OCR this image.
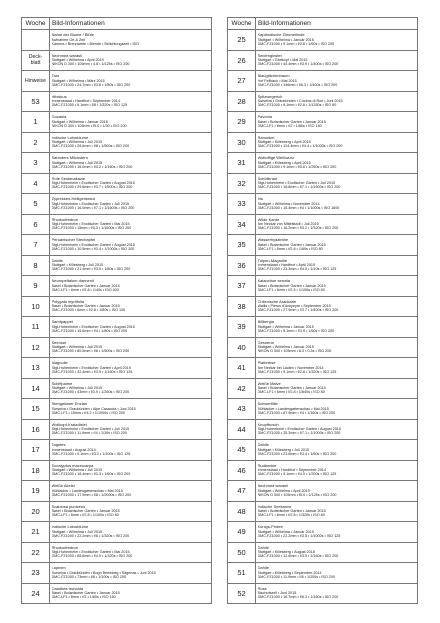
Woche	Bild-Informationen

	Name der Blume / Blüte
Aufnahme Ort & Zeit
Kamera • Brennweite • Blende • Belichtungszeit • ISO

Deck-
blatt	Aechmea warasii
Stuttgart • Wilhelma • April 2019
NIKON D 300 • 105mm • 4.8 • 1/125s • ISO 200

Hinweise	Taro
Stuttgart • Wilhelma • März 2015
DMC-FZ1000 • 24.7mm • f/3.6 • 1/80s • ISO 200

53	Hibiskus
Immenstaad • Hardthof • September 2014
DMC-FZ1000 • 9.1mm • f/8 • 1/320s • ISO 125

1	Guzania
Stuttgart • Wilhelma • Januar 2015
NIKON D 300 • 105mm • f5.0 • 1/30 • ISO 200

2	Indische Lotosblume
Stuttgart • Wilhelma • Juli 2015
DMC-FZ1000 • 28.6mm • f/8 • 1/500s • ISO 200

3	Saunders Milchstern
Stuttgart • Wilhelma • Juli 2015
DMC-FZ1000 • 16.0mm • f/3.2 • 1/160s • ISO 200

4	Rote Seidenakazie
Stgt-Hohenheim • Exotischer Garten • August 2015
DMC-FZ1000 • 29.6mm • f/3.7 • 1/500s • ISO 200

5	Zypressen-Heiligenkraut
Stgt-Hohenheim • Exotischer Garten • Juli 2015
DMC-FZ1000 • 16.0mm • f/7.1 • 1/1600s • ISO 200

6	Rhododendron
Stgt-Hohenheim • Exotischer Garten • Mai 2015
DMC-FZ1000 • 15mm • f/3.3 • 1/1600s • ISO 200

7	Peruanischer Stechapfel
Stgt-Hohenheim • Exotischer Garten • August 2015
DMC-FZ1000 • 10.5mm • f/3.4 • 1/1000s • ISO 200

8	Dahlie
Stuttgart • Killesberg • Juli 2015
DMC-FZ1000 • 21.4mm • f/3.5 • 1/80s • ISO 200

9	Neuropeltalum dannenii
Basel • Botanischer Garten • Januar 2015
DMC-LF1 • 6mm • f/2.8 • 1/40s • ISO 400

10	Polygala myrtifolia
Basel • Botanischer Garten • Januar 2015
DMC-FZ1000 • 6mm • f/2.8 • 1/80s • ISO 100

11	Samtpappel
Stgt-Hohenheim • Exotischer Garten • August 2015
DMC-FZ1000 • 15.6mm • f/4 • 1/80s • ISO 200

12	Seerose
Stuttgart • Wilhelma • Juli 2015
DMC-FZ1000 • 80.5mm • f/8 • 1/500s • ISO 200

13	Magnolie
Stgt-Hohenheim • Exotischer Garten • April 2015
DMC-FZ1000 • 32.4mm • f/3.9 • 1/160s • ISO 125

14	Schiffpalme
Stuttgart • Wilhelma • Juli 2015
DMC-FZ1000 • 43mm • f/3.9 • 1/250s • ISO 200

15	Stengelloser Enzian
Surselva • Graubünden • Alpe Casaccia • Juni 2015
DMC-LF1 • 15mm • f/4.2 • 1/1000s • ISO 200

16	Wollkopf-Kratzdistel
Stgt-Hohenheim • Exotischer Garten • Juli 2015
DMC-FZ1000 • 11.9mm • f/4 • 1/30s • ISO 200

17	Tagetes
Immenstaad • August 2014
DMC-FZ1000 • 9.1mm • f/3.2 • 1/100s • ISO 125

18	Eucalyptus macrocarpa
Stuttgart • Wilhelma • Juli 2015
DMC-FZ1000 • 18.4mm • f/3.3 • 1/60s • ISO 200

19	Weiße Akelei
Mühlacker • Landesgartenschau • Mai 2015
DMC-FZ1000 • 17.9mm • f/8 • 1/2000s • ISO 200

20	Scabiosa puniceus
Basel • Botanischer Garten • Januar 2015
DMC-LF1 • 6mm • f/2.8 • 1/100s • ISO 80

21	Indische Lotosblume
Stuttgart • Wilhelma • Juli 2015
DMC-FZ1000 • 22.2mm • f/8 • 1/320s • ISO 200

22	Rhododendron
Stgt-Hohenheim • Exotischer Garten • Mai 2015
DMC-FZ1000 • 85.6mm • f/4.0 • 1/320s • ISO 200

23	Lupinen
Surselva • Graubünden • Bogn Benedetg • Sägenas • Juni 2015
DMC-FZ1000 • 73mm • f/8 • 1/100s • ISO 200

24	Calathea truncata
Basel • Botanischer Garten • Januar 2015
DMC-LF1 • 6mm • f/2 • 1/60s • ISO 160
Woche	Bild-Informationen
25	Kapländische Zimmerlinde
Stuttgart • Wilhelma • Januar 2015
DMC-FZ1000 • 9.1mm • f/2.8 • 1/60s • ISO 200

26	Seidenginster
Stuttgart • Gärtkopf • Mai 2015
DMC-FZ1000 • 44.4mm • f/3.9 • 1/400s • ISO 200

27	Blaugittchenbaum
Hof Fellbach • Mai 2015
DMC-FZ1000 • 146mm • f/6.3 • 1/400s • ISO 200

28	Spitzwegerich
Surselva • Graubünden • Cuolms di Run • Juni 2015
DMC-FZ1000 • 9.1mm • f/2.8 • 1/1250s • ISO 80

29	Pavonia
Basel • Botanischer Garten • Januar 2015
DMC-LF1 • 6mm • f/2 • 1/80s • ISO 160

30	Ranunkel
Stuttgart • Killesberg • April 2015
DMC-FZ1000 • 124.4mm • f/4.4 • 1/1000s • ISO 200

31	Weltoffige Weißwurz
Stuttgart • Killesberg • April 2015
DMC-FZ1000 • 9.1mm • f/5.6 • 1/250s • ISO 200

32	Schöllkraut
Stgt-Hohenheim • Exotischer Garten • Juli 2015
DMC-FZ1000 • 16.8mm • f/7.1 • 1/1600s • ISO 200

33	Iris
Stuttgart • Wilhelma • November 2014
DMC-FZ1000 • 15.4mm • f/4 • 1/1000s • ISO 1600

34	Wilde Karde
Am Neckar von Mittelstadt • Juli 2015
DMC-FZ1000 • 16.2mm • f/3.2 • 1/320s • ISO 200

35	Wasserhyazinthe
Basel • Botanischer Garten • Januar 2015
DMC-LF1 • 6mm • f/2.8 • 1/60s • ISO 80

36	Tulpen-Magnolie
Immenstaad • Hardthof • April 2015
DMC-FZ1000 • 23.3mm • f/4.0 • 1/10s • ISO 125

37	Kalanchoe serrata
Basel • Botanischer Garten • Januar 2015
DMC-LF1 • 6mm • f/2.5 • 1/100s • ISO 80

38	Chilenische Araukarie
Wallis • Plerus d'Aveyeyre • September 2015
DMC-FZ1000 • 27.9mm • f/3.7 • 1/400s • ISO 200

39	Billbergia
Stuttgart • Wilhelma • Januar 2015
DMC-FZ1000 • 9.1mm • f/3.9 • 1/60s • ISO 200

40	Gesneria
Stuttgart • Wilhelma • Januar 2015
NIKON D 300 • 105mm • 8.0 • 0.3s • ISO 200

41	Platterbse
Am Neckar bei Laufen • November 2014
DMC-FZ1000 • 9.1mm • f/2.8 • 1/320s • ISO 125

42	Weiße Malve
Basel • Botanischer Garten • Januar 2015
DMC-LF1 • 6mm • f/2.8 • 1/640s • ISO 80

43	Schwertlilie
Mühlacker • Landesgartenschau • Mai 2015
DMC-FZ1000 • 87.9mm • f/4 • 1/160s • ISO 200

44	Knopfbusch
Stgt-Hohenheim • Exotischer Garten • August 2015
DMC-FZ1000 • 25.3mm • f/7.1 • 1/1000s • ISO 200

45	Dahlie
Stuttgart • Killesberg • Juli 2015
DMC-FZ1000 • 23.6mm • f/3.4 • 1/60s • ISO 200

46	Rudbeckie
Immenstaad • Hardthof • September 2014
DMC-FZ1000 • 9.1mm • f/4.5 • 1/200s • ISO 125

47	Aechmea warasii
Stuttgart • Wilhelma • April 2019
NIKON D 300 • 105mm • f5.0 • 1/125s • ISO 200

48	Indische Seekanne
Basel • Botanischer Garten • Januar 2015
DMC-LF1 • 6mm • f/2.8 • 1/320s • ISO 80

49	Königs-Protee
Stuttgart • Wilhelma • Januar 2015
DMC-FZ1000 • 22.2mm • f/3.5 • 1/1000s • ISO 125

50	Dahlie
Stuttgart • Killesberg • August 2015
DMC-FZ1000 • 12.6mm • f/3.5 • 1/160s • ISO 200

51	Dahlie
Stuttgart • Killesberg • September 2014
DMC-FZ1000 • 11.9mm • f/8 • 1/200s • ISO 200

52	Rose
Bischofszell • Juni 2015
DMC-FZ1000 • 16.7mm • f/6.3 • 1/160s • ISO 200
